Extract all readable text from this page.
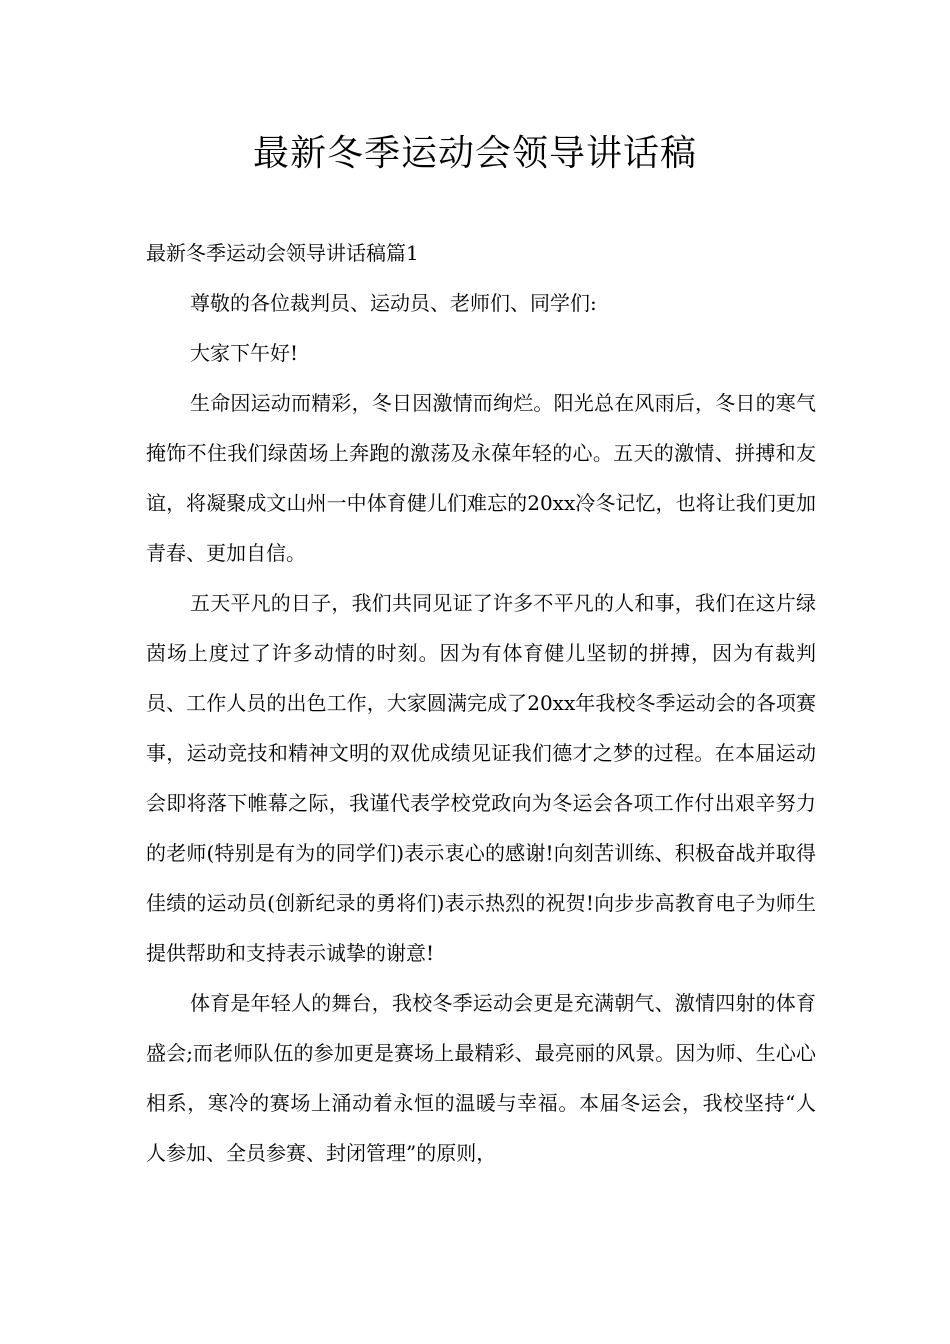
最新冬季运动会领导讲话稿

最新冬季运动会领导讲话稿篇1

尊敬的各位裁判员、运动员、老师们、同学们:

大家下午好!

生命因运动而精彩，冬日因激情而绚烂。阳光总在风雨后，冬日的寒气掩饰不住我们绿茵场上奔跑的激荡及永葆年轻的心。五天的激情、拼搏和友谊，将凝聚成文山州一中体育健儿们难忘的20xx冷冬记忆，也将让我们更加青春、更加自信。

五天平凡的日子，我们共同见证了许多不平凡的人和事，我们在这片绿茵场上度过了许多动情的时刻。因为有体育健儿坚韧的拼搏，因为有裁判员、工作人员的出色工作，大家圆满完成了20xx年我校冬季运动会的各项赛事，运动竞技和精神文明的双优成绩见证我们德才之梦的过程。在本届运动会即将落下帷幕之际，我谨代表学校党政向为冬运会各项工作付出艰辛努力的老师(特别是有为的同学们)表示衷心的感谢!向刻苦训练、积极奋战并取得佳绩的运动员(创新纪录的勇将们)表示热烈的祝贺!向步步高教育电子为师生提供帮助和支持表示诚挚的谢意!

体育是年轻人的舞台，我校冬季运动会更是充满朝气、激情四射的体育盛会;而老师队伍的参加更是赛场上最精彩、最亮丽的风景。因为师、生心心相系，寒冷的赛场上涌动着永恒的温暖与幸福。本届冬运会，我校坚持“人人参加、全员参赛、封闭管理”的原则，
